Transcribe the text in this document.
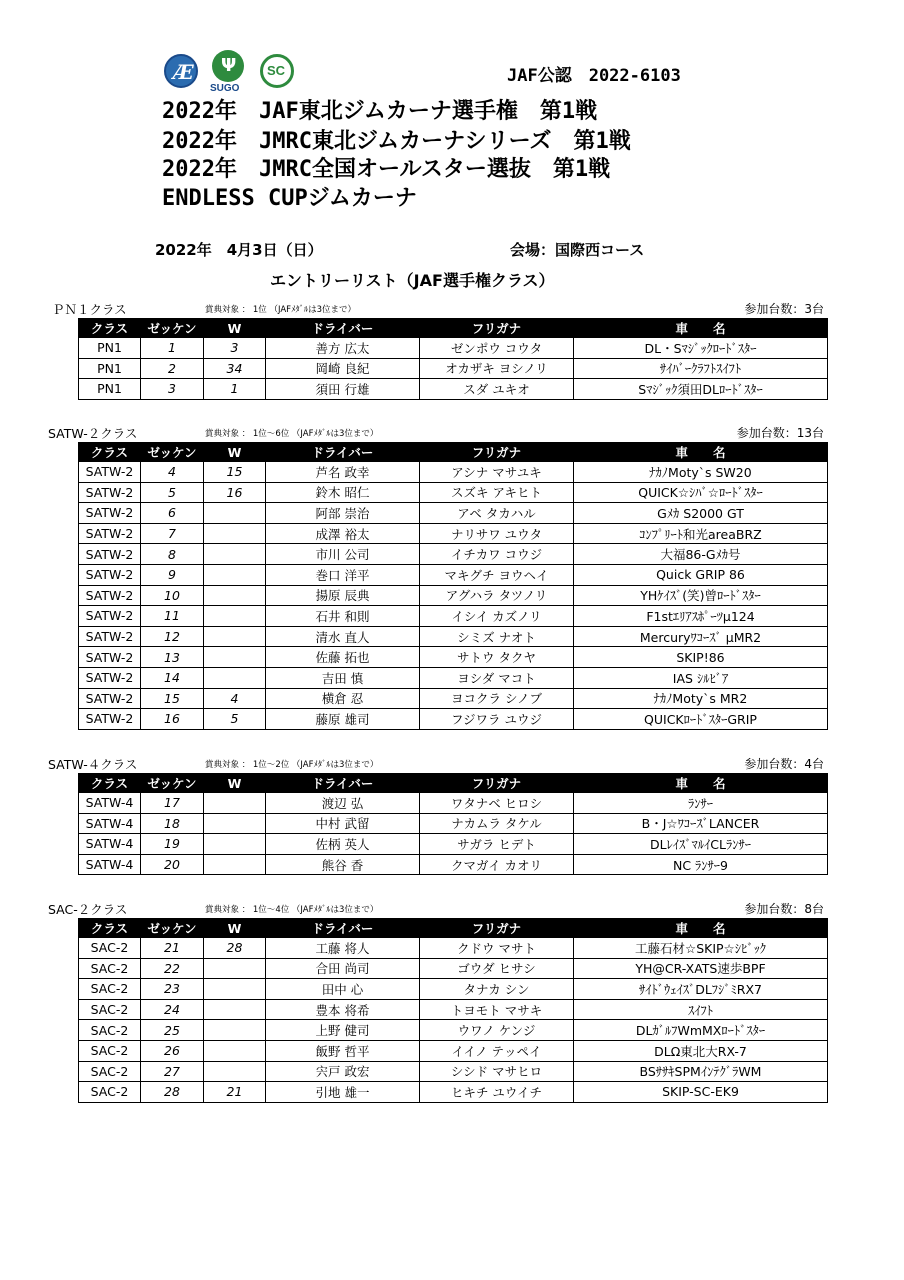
Æ Ψ
SUGO
SC	JAF公認　2022-6103
2022年　JAF東北ジムカーナ選手権　第1戦
2022年　JMRC東北ジムカーナシリーズ　第1戦
2022年　JMRC全国オールスター選抜　第1戦
ENDLESS CUPジムカーナ
2022年　4月3日（日）	会場：国際西コース
エントリーリスト（JAF選手権クラス）
ＰＮ１クラス	賞典対象 ： 1位 （JAFﾒﾀﾞﾙは3位まで）	参加台数：3台
クラス	ゼッケン	W	ドライバー	フリガナ	車　　名
PN1	1	3	善方 広太	ゼンポウ コウタ	DL・Sﾏｼﾞｯｸﾛｰﾄﾞｽﾀｰ
PN1	2	34	岡崎 良紀	オカザキ ヨシノリ	ｻｲﾊﾞｰｸﾗﾌﾄｽｲﾌﾄ
PN1	3	1	須田 行雄	スダ ユキオ	Sﾏｼﾞｯｸ須田DLﾛｰﾄﾞｽﾀｰ
SATW-２クラス	賞典対象 ： 1位～6位 （JAFﾒﾀﾞﾙは3位まで）	参加台数：13台
クラス	ゼッケン	W	ドライバー	フリガナ	車　　名
SATW-2	4	15	芦名 政幸	アシナ マサユキ	ﾅｶﾉMoty`s SW20
SATW-2	5	16	鈴木 昭仁	スズキ アキヒト	QUICK☆ｼﾊﾞ☆ﾛｰﾄﾞｽﾀｰ
SATW-2	6		阿部 崇治	アベ タカハル	Gﾒｶ S2000 GT
SATW-2	7		成澤 裕太	ナリサワ ユウタ	ｺﾝﾌﾟﾘｰﾄ和光areaBRZ
SATW-2	8		市川 公司	イチカワ コウジ	大福86-Gﾒｶ号
SATW-2	9		巻口 洋平	マキグチ ヨウヘイ	Quick GRIP 86
SATW-2	10		揚原 辰典	アグハラ タツノリ	YHｹｲｽﾞ(笑)曾ﾛｰﾄﾞｽﾀｰ
SATW-2	11		石井 和則	イシイ カズノリ	F1stｴﾘｱｽﾎﾟｰﾂμ124
SATW-2	12		清水 直人	シミズ ナオト	Mercuryﾜｺｰｽﾞ μMR2
SATW-2	13		佐藤 拓也	サトウ タクヤ	SKIP!86
SATW-2	14		吉田 慎	ヨシダ マコト	IAS ｼﾙﾋﾞｱ
SATW-2	15	4	横倉 忍	ヨコクラ シノブ	ﾅｶﾉMoty`s MR2
SATW-2	16	5	藤原 雄司	フジワラ ユウジ	QUICKﾛｰﾄﾞｽﾀｰGRIP
SATW-４クラス	賞典対象 ： 1位～2位 （JAFﾒﾀﾞﾙは3位まで）	参加台数：4台
クラス	ゼッケン	W	ドライバー	フリガナ	車　　名
SATW-4	17		渡辺 弘	ワタナベ ヒロシ	ﾗﾝｻｰ
SATW-4	18		中村 武留	ナカムラ タケル	B・J☆ﾜｺｰｽﾞLANCER
SATW-4	19		佐柄 英人	サガラ ヒデト	DLﾚｲｽﾞﾏﾙｲCLﾗﾝｻｰ
SATW-4	20		熊谷 香	クマガイ カオリ	NC ﾗﾝｻｰ9
SAC-２クラス	賞典対象 ： 1位～4位 （JAFﾒﾀﾞﾙは3位まで）	参加台数：8台
クラス	ゼッケン	W	ドライバー	フリガナ	車　　名
SAC-2	21	28	工藤 将人	クドウ マサト	工藤石材☆SKIP☆ｼﾋﾞｯｸ
SAC-2	22		合田 尚司	ゴウダ ヒサシ	YH@CR-XATS速歩BPF
SAC-2	23		田中 心	タナカ シン	ｻｲﾄﾞｳｪｲｽﾞDLﾌｼﾞﾐRX7
SAC-2	24		豊本 将希	トヨモト マサキ	ｽｲﾌﾄ
SAC-2	25		上野 健司	ウワノ ケンジ	DLｶﾞﾙﾌWmMXﾛｰﾄﾞｽﾀｰ
SAC-2	26		飯野 哲平	イイノ テッペイ	DLΩ東北大RX-7
SAC-2	27		宍戸 政宏	シシド マサヒロ	BSｻｻｷSPMｲﾝﾃｸﾞﾗWM
SAC-2	28	21	引地 雄一	ヒキチ ユウイチ	SKIP-SC-EK9
